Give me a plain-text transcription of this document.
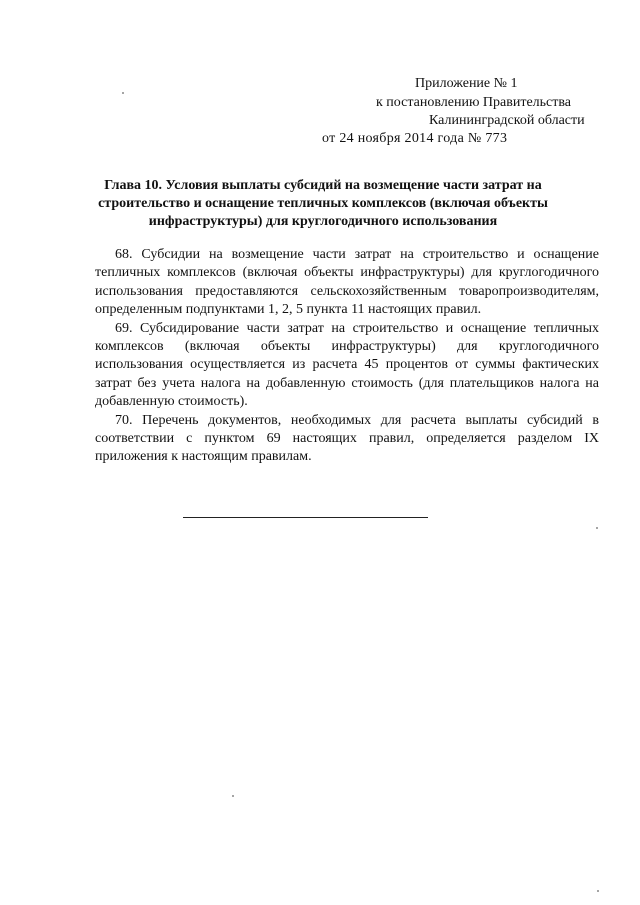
Приложение № 1
к постановлению Правительства
Калининградской области
от 24 ноября 2014 года № 773
Глава 10. Условия выплаты субсидий на возмещение части затрат на строительство и оснащение тепличных комплексов (включая объекты инфраструктуры) для круглогодичного использования

68. Субсидии на возмещение части затрат на строительство и оснащение тепличных комплексов (включая объекты инфраструктуры) для круглогодичного использования предоставляются сельскохозяйственным товаропроизводителям, определенным подпунктами 1, 2, 5 пункта 11 настоящих правил.

69. Субсидирование части затрат на строительство и оснащение тепличных комплексов (включая объекты инфраструктуры) для круглогодичного использования осуществляется из расчета 45 процентов от суммы фактических затрат без учета налога на добавленную стоимость (для плательщиков налога на добавленную стоимость).

70. Перечень документов, необходимых для расчета выплаты субсидий в соответствии с пунктом 69 настоящих правил, определяется разделом IX приложения к настоящим правилам.
